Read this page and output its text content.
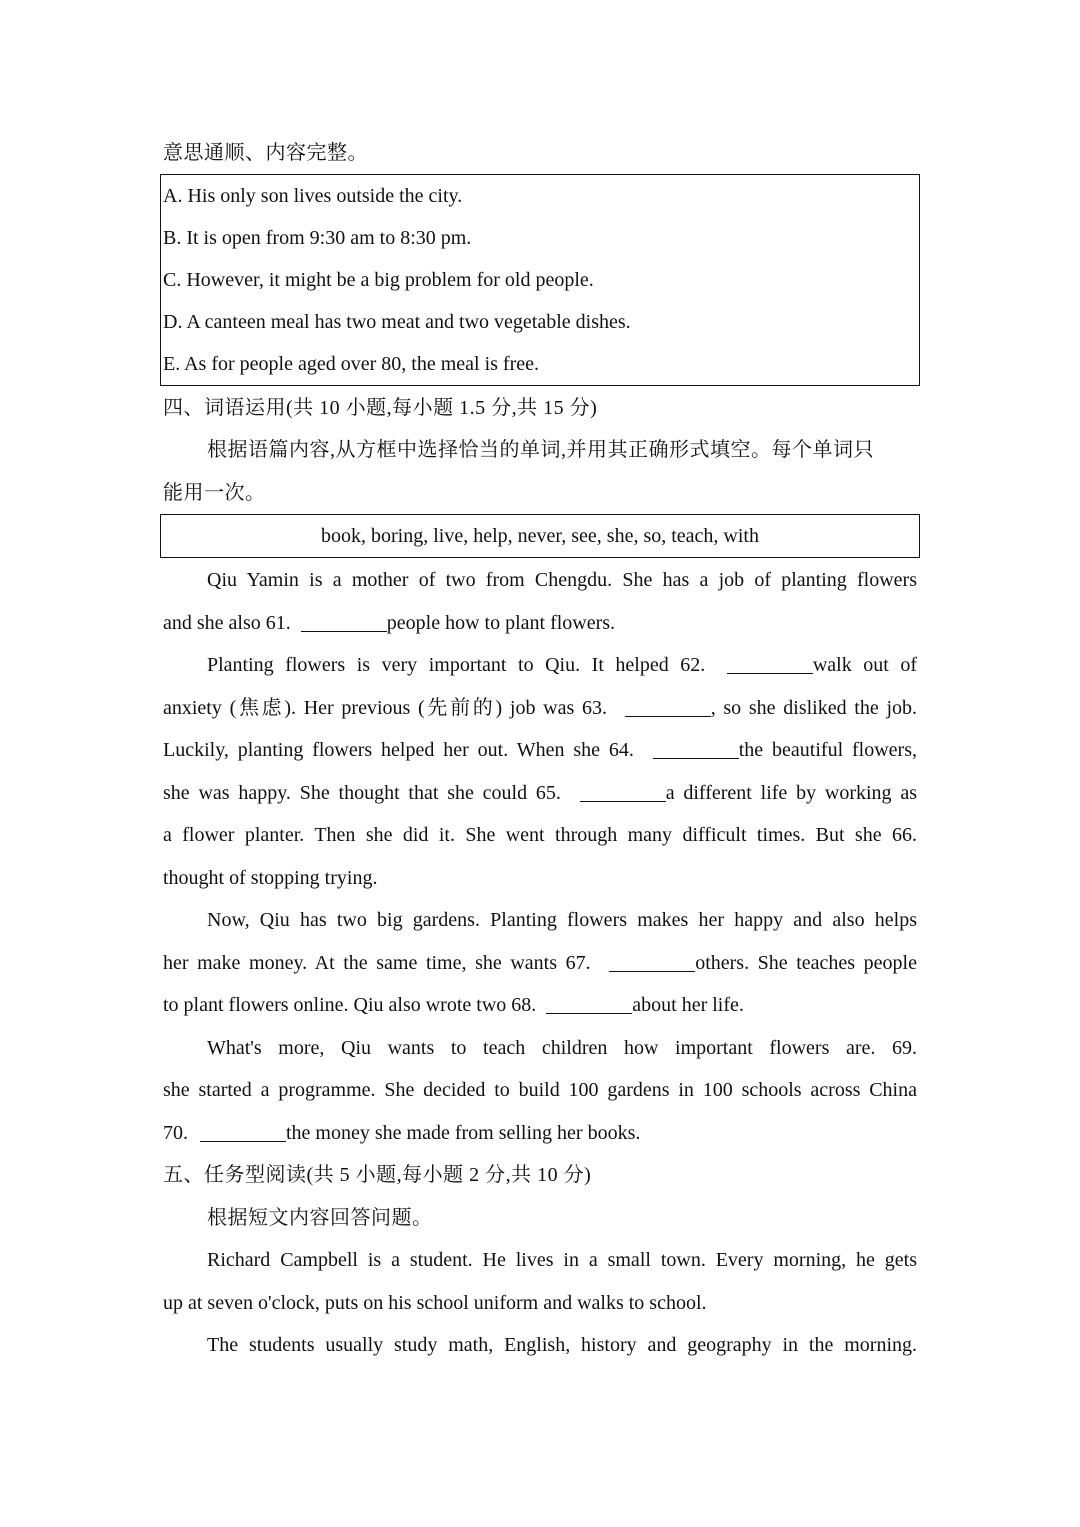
意思通顺、内容完整。
A. His only son lives outside the city.
B. It is open from 9:30 am to 8:30 pm.
C. However, it might be a big problem for old people.
D. A canteen meal has two meat and two vegetable dishes.
E. As for people aged over 80, the meal is free.
四、词语运用(共 10 小题,每小题 1.5 分,共 15 分)
根据语篇内容,从方框中选择恰当的单词,并用其正确形式填空。每个单词只
能用一次。
book, boring, live, help, never, see, she, so, teach, with
Qiu Yamin is a mother of two from Chengdu. She has a job of planting flowers
and she also 61.	people how to plant flowers.
Planting flowers is very important to Qiu. It helped 62.	walk out of
anxiety (焦虑). Her previous (先前的) job was 63.	, so she disliked the job.
Luckily, planting flowers helped her out. When she 64.	the beautiful flowers,
she was happy. She thought that she could 65.	a different life by working as
a flower planter. Then she did it. She went through many difficult times. But she 66.
thought of stopping trying.
Now, Qiu has two big gardens. Planting flowers makes her happy and also helps
her make money. At the same time, she wants 67.	others. She teaches people
to plant flowers online. Qiu also wrote two 68.	about her life.
What's more, Qiu wants to teach children how important flowers are. 69.
she started a programme. She decided to build 100 gardens in 100 schools across China
70.	the money she made from selling her books.
五、任务型阅读(共 5 小题,每小题 2 分,共 10 分)
根据短文内容回答问题。
Richard Campbell is a student. He lives in a small town. Every morning, he gets
up at seven o'clock, puts on his school uniform and walks to school.
The students usually study math, English, history and geography in the morning.
